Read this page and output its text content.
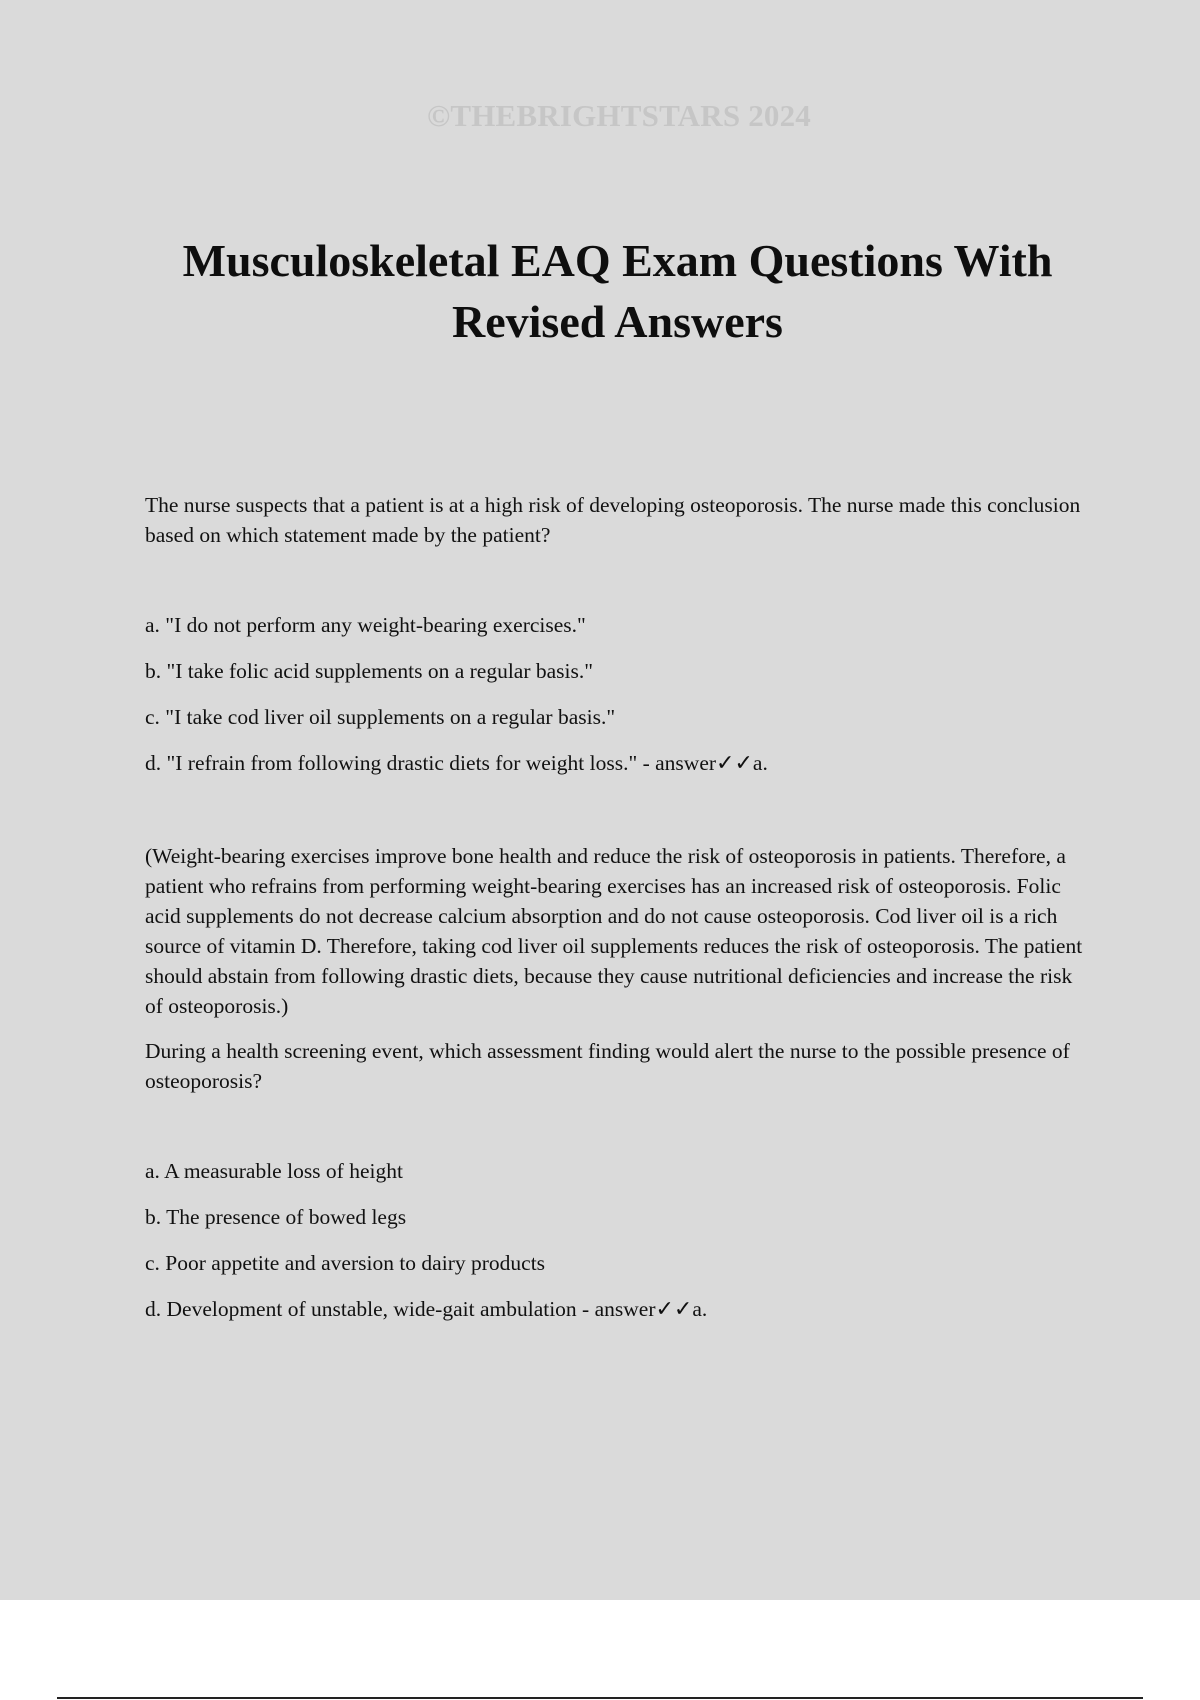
©THEBRIGHTSTARS 2024
Musculoskeletal EAQ Exam Questions With Revised Answers

The nurse suspects that a patient is at a high risk of developing osteoporosis. The nurse made this conclusion based on which statement made by the patient?

a. "I do not perform any weight-bearing exercises."

b. "I take folic acid supplements on a regular basis."

c. "I take cod liver oil supplements on a regular basis."

d. "I refrain from following drastic diets for weight loss." - answer✓✓a.

(Weight-bearing exercises improve bone health and reduce the risk of osteoporosis in patients. Therefore, a patient who refrains from performing weight-bearing exercises has an increased risk of osteoporosis. Folic acid supplements do not decrease calcium absorption and do not cause osteoporosis. Cod liver oil is a rich source of vitamin D. Therefore, taking cod liver oil supplements reduces the risk of osteoporosis. The patient should abstain from following drastic diets, because they cause nutritional deficiencies and increase the risk of osteoporosis.)

During a health screening event, which assessment finding would alert the nurse to the possible presence of osteoporosis?

a. A measurable loss of height

b. The presence of bowed legs

c. Poor appetite and aversion to dairy products

d. Development of unstable, wide-gait ambulation - answer✓✓a.
